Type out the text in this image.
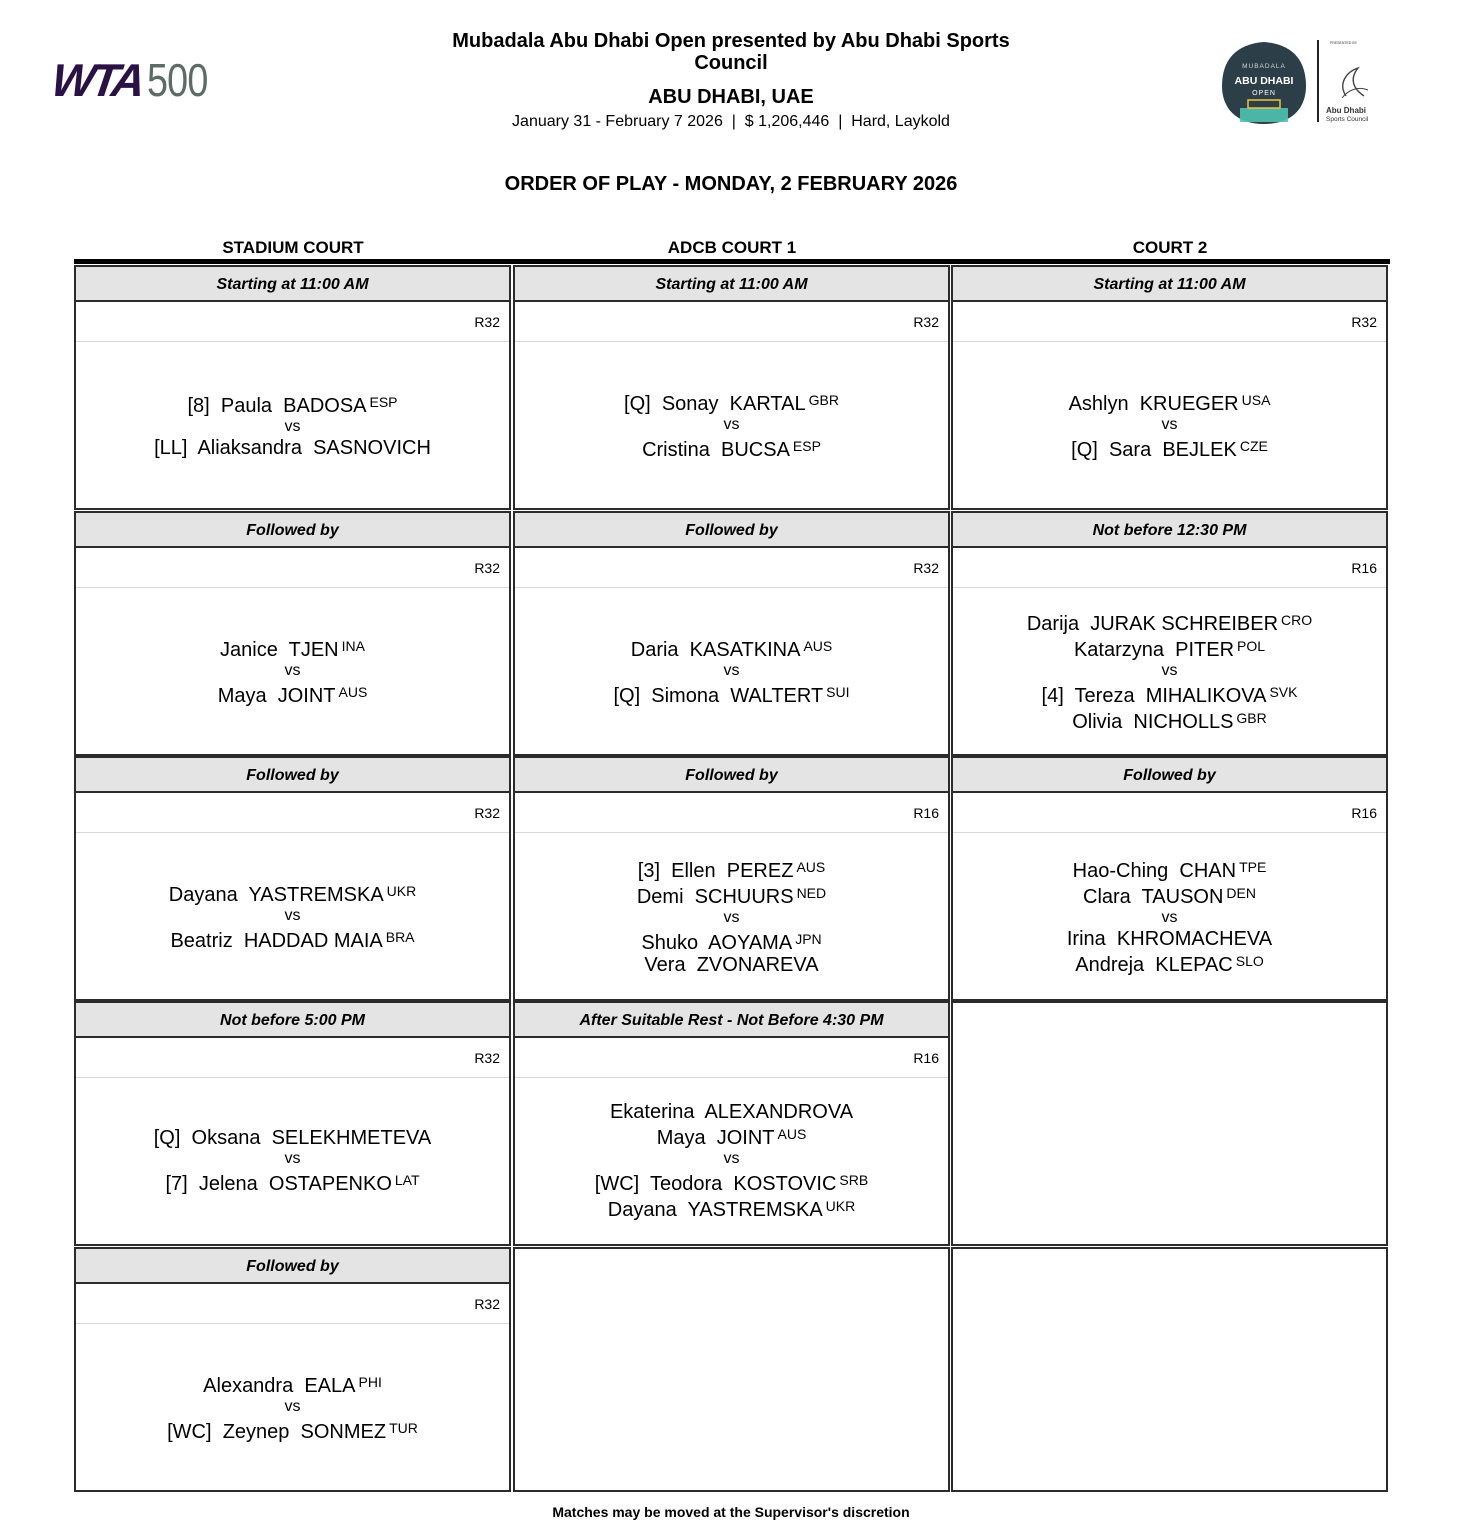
WTA 500	MUBADALA
ABU DHABI
OPEN
PRESENTED BY
Abu Dhabi
Sports Council
Mubadala Abu Dhabi Open presented by Abu Dhabi Sports Council
ABU DHABI, UAE
January 31 - February 7 2026  |  $ 1,206,446  |  Hard, Laykold
ORDER OF PLAY - MONDAY, 2 FEBRUARY 2026
STADIUM COURT	ADCB COURT 1	COURT 2
Starting at 11:00 AM
R32
[8] Paula BADOSA $^{ESP}$
vs
[LL] Aliaksandra SASNOVICH
Followed by
R32
Janice TJEN $^{INA}$
vs
Maya JOINT $^{AUS}$
Followed by
R32
Dayana YASTREMSKA $^{UKR}$
vs
Beatriz HADDAD MAIA $^{BRA}$
Not before 5:00 PM
R32
[Q] Oksana SELEKHMETEVA
vs
[7] Jelena OSTAPENKO $^{LAT}$
Followed by
R32
Alexandra EALA $^{PHI}$
vs
[WC] Zeynep SONMEZ $^{TUR}$
Starting at 11:00 AM
R32
[Q] Sonay KARTAL $^{GBR}$
vs
Cristina BUCSA $^{ESP}$
Followed by
R32
Daria KASATKINA $^{AUS}$
vs
[Q] Simona WALTERT $^{SUI}$
Followed by
R16
[3] Ellen PEREZ $^{AUS}$
Demi SCHUURS $^{NED}$
vs
Shuko AOYAMA $^{JPN}$
Vera ZVONAREVA
After Suitable Rest - Not Before 4:30 PM
R16
Ekaterina ALEXANDROVA
Maya JOINT $^{AUS}$
vs
[WC] Teodora KOSTOVIC $^{SRB}$
Dayana YASTREMSKA $^{UKR}$
Starting at 11:00 AM
R32
Ashlyn KRUEGER $^{USA}$
vs
[Q] Sara BEJLEK $^{CZE}$
Not before 12:30 PM
R16
Darija JURAK SCHREIBER $^{CRO}$
Katarzyna PITER $^{POL}$
vs
[4] Tereza MIHALIKOVA $^{SVK}$
Olivia NICHOLLS $^{GBR}$
Followed by
R16
Hao-Ching CHAN $^{TPE}$
Clara TAUSON $^{DEN}$
vs
Irina KHROMACHEVA
Andreja KLEPAC $^{SLO}$
Matches may be moved at the Supervisor's discretion
